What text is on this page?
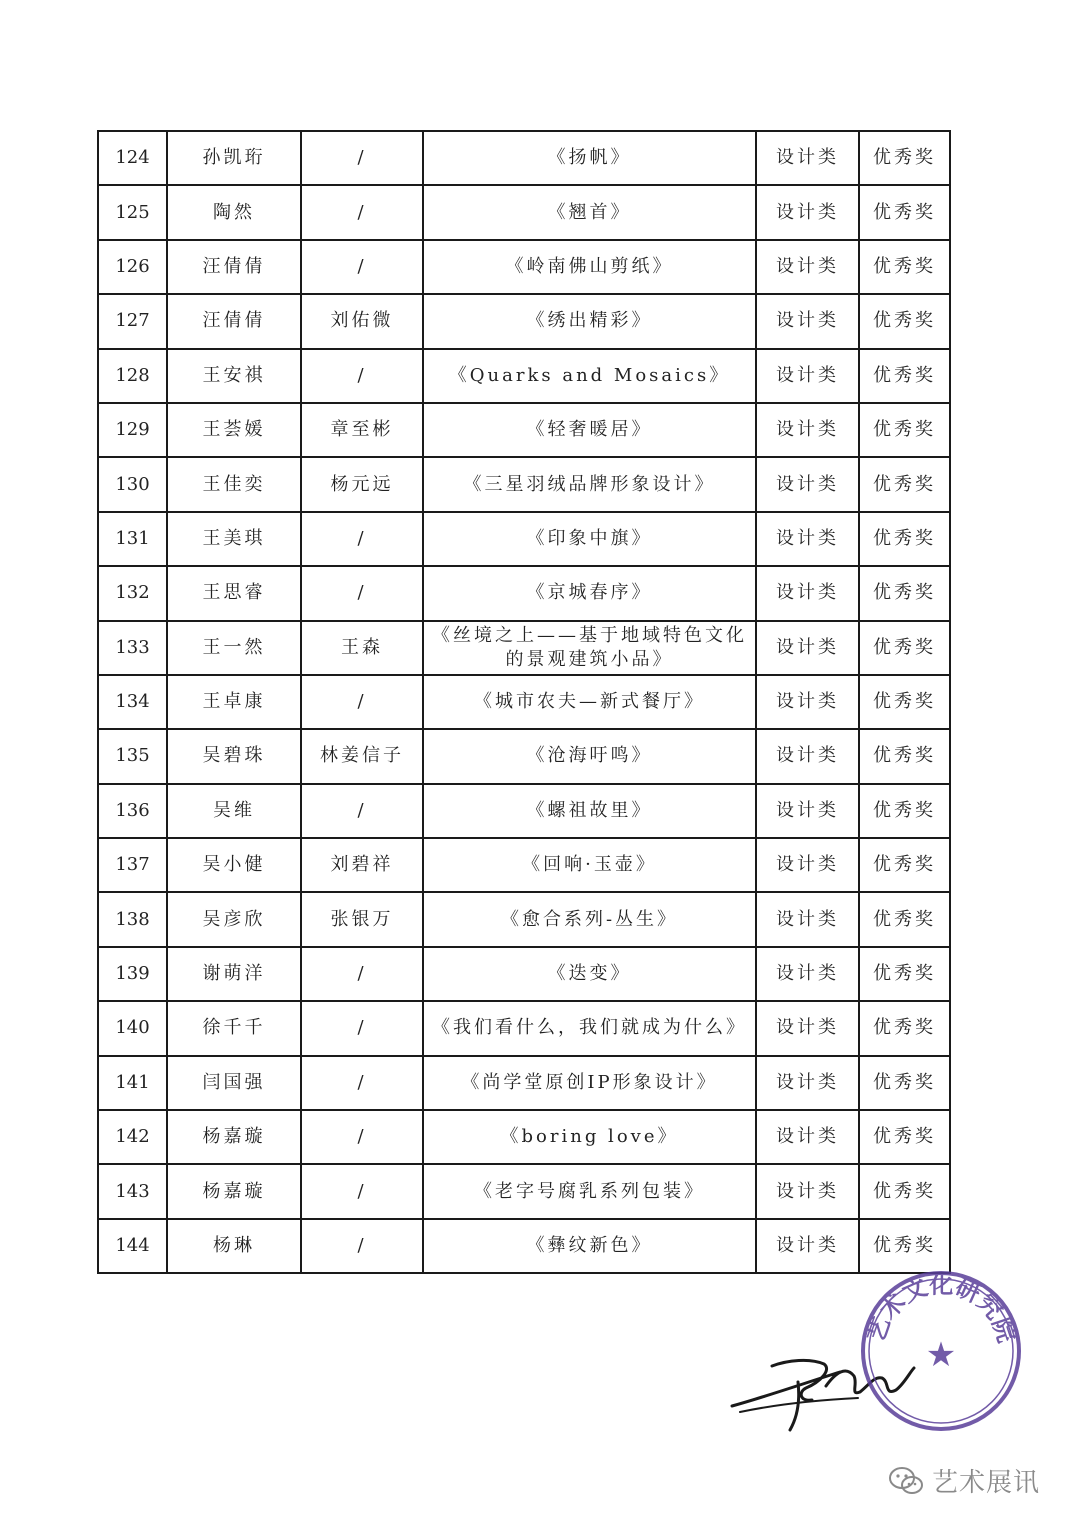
124	孙凯珩	/	《扬帆》	设计类	优秀奖
125	陶然	/	《翘首》	设计类	优秀奖
126	汪倩倩	/	《岭南佛山剪纸》	设计类	优秀奖
127	汪倩倩	刘佑微	《绣出精彩》	设计类	优秀奖
128	王安祺	/	《Quarks and Mosaics》	设计类	优秀奖
129	王荟媛	章至彬	《轻奢暖居》	设计类	优秀奖
130	王佳奕	杨元远	《三星羽绒品牌形象设计》	设计类	优秀奖
131	王美琪	/	《印象中旗》	设计类	优秀奖
132	王思睿	/	《京城春序》	设计类	优秀奖
133	王一然	王森	《丝境之上——基于地域特色文化的景观建筑小品》	设计类	优秀奖
134	王卓康	/	《城市农夫—新式餐厅》	设计类	优秀奖
135	吴碧珠	林姜信子	《沧海吁鸣》	设计类	优秀奖
136	吴维	/	《螺祖故里》	设计类	优秀奖
137	吴小健	刘碧祥	《回响·玉壶》	设计类	优秀奖
138	吴彦欣	张银万	《愈合系列-丛生》	设计类	优秀奖
139	谢萌洋	/	《迭变》	设计类	优秀奖
140	徐千千	/	《我们看什么，我们就成为什么》	设计类	优秀奖
141	闫国强	/	《尚学堂原创IP形象设计》	设计类	优秀奖
142	杨嘉璇	/	《boring love》	设计类	优秀奖
143	杨嘉璇	/	《老字号腐乳系列包装》	设计类	优秀奖
144	杨琳	/	《彝纹新色》	设计类	优秀奖
艺术文化研究院
★
艺术展讯
